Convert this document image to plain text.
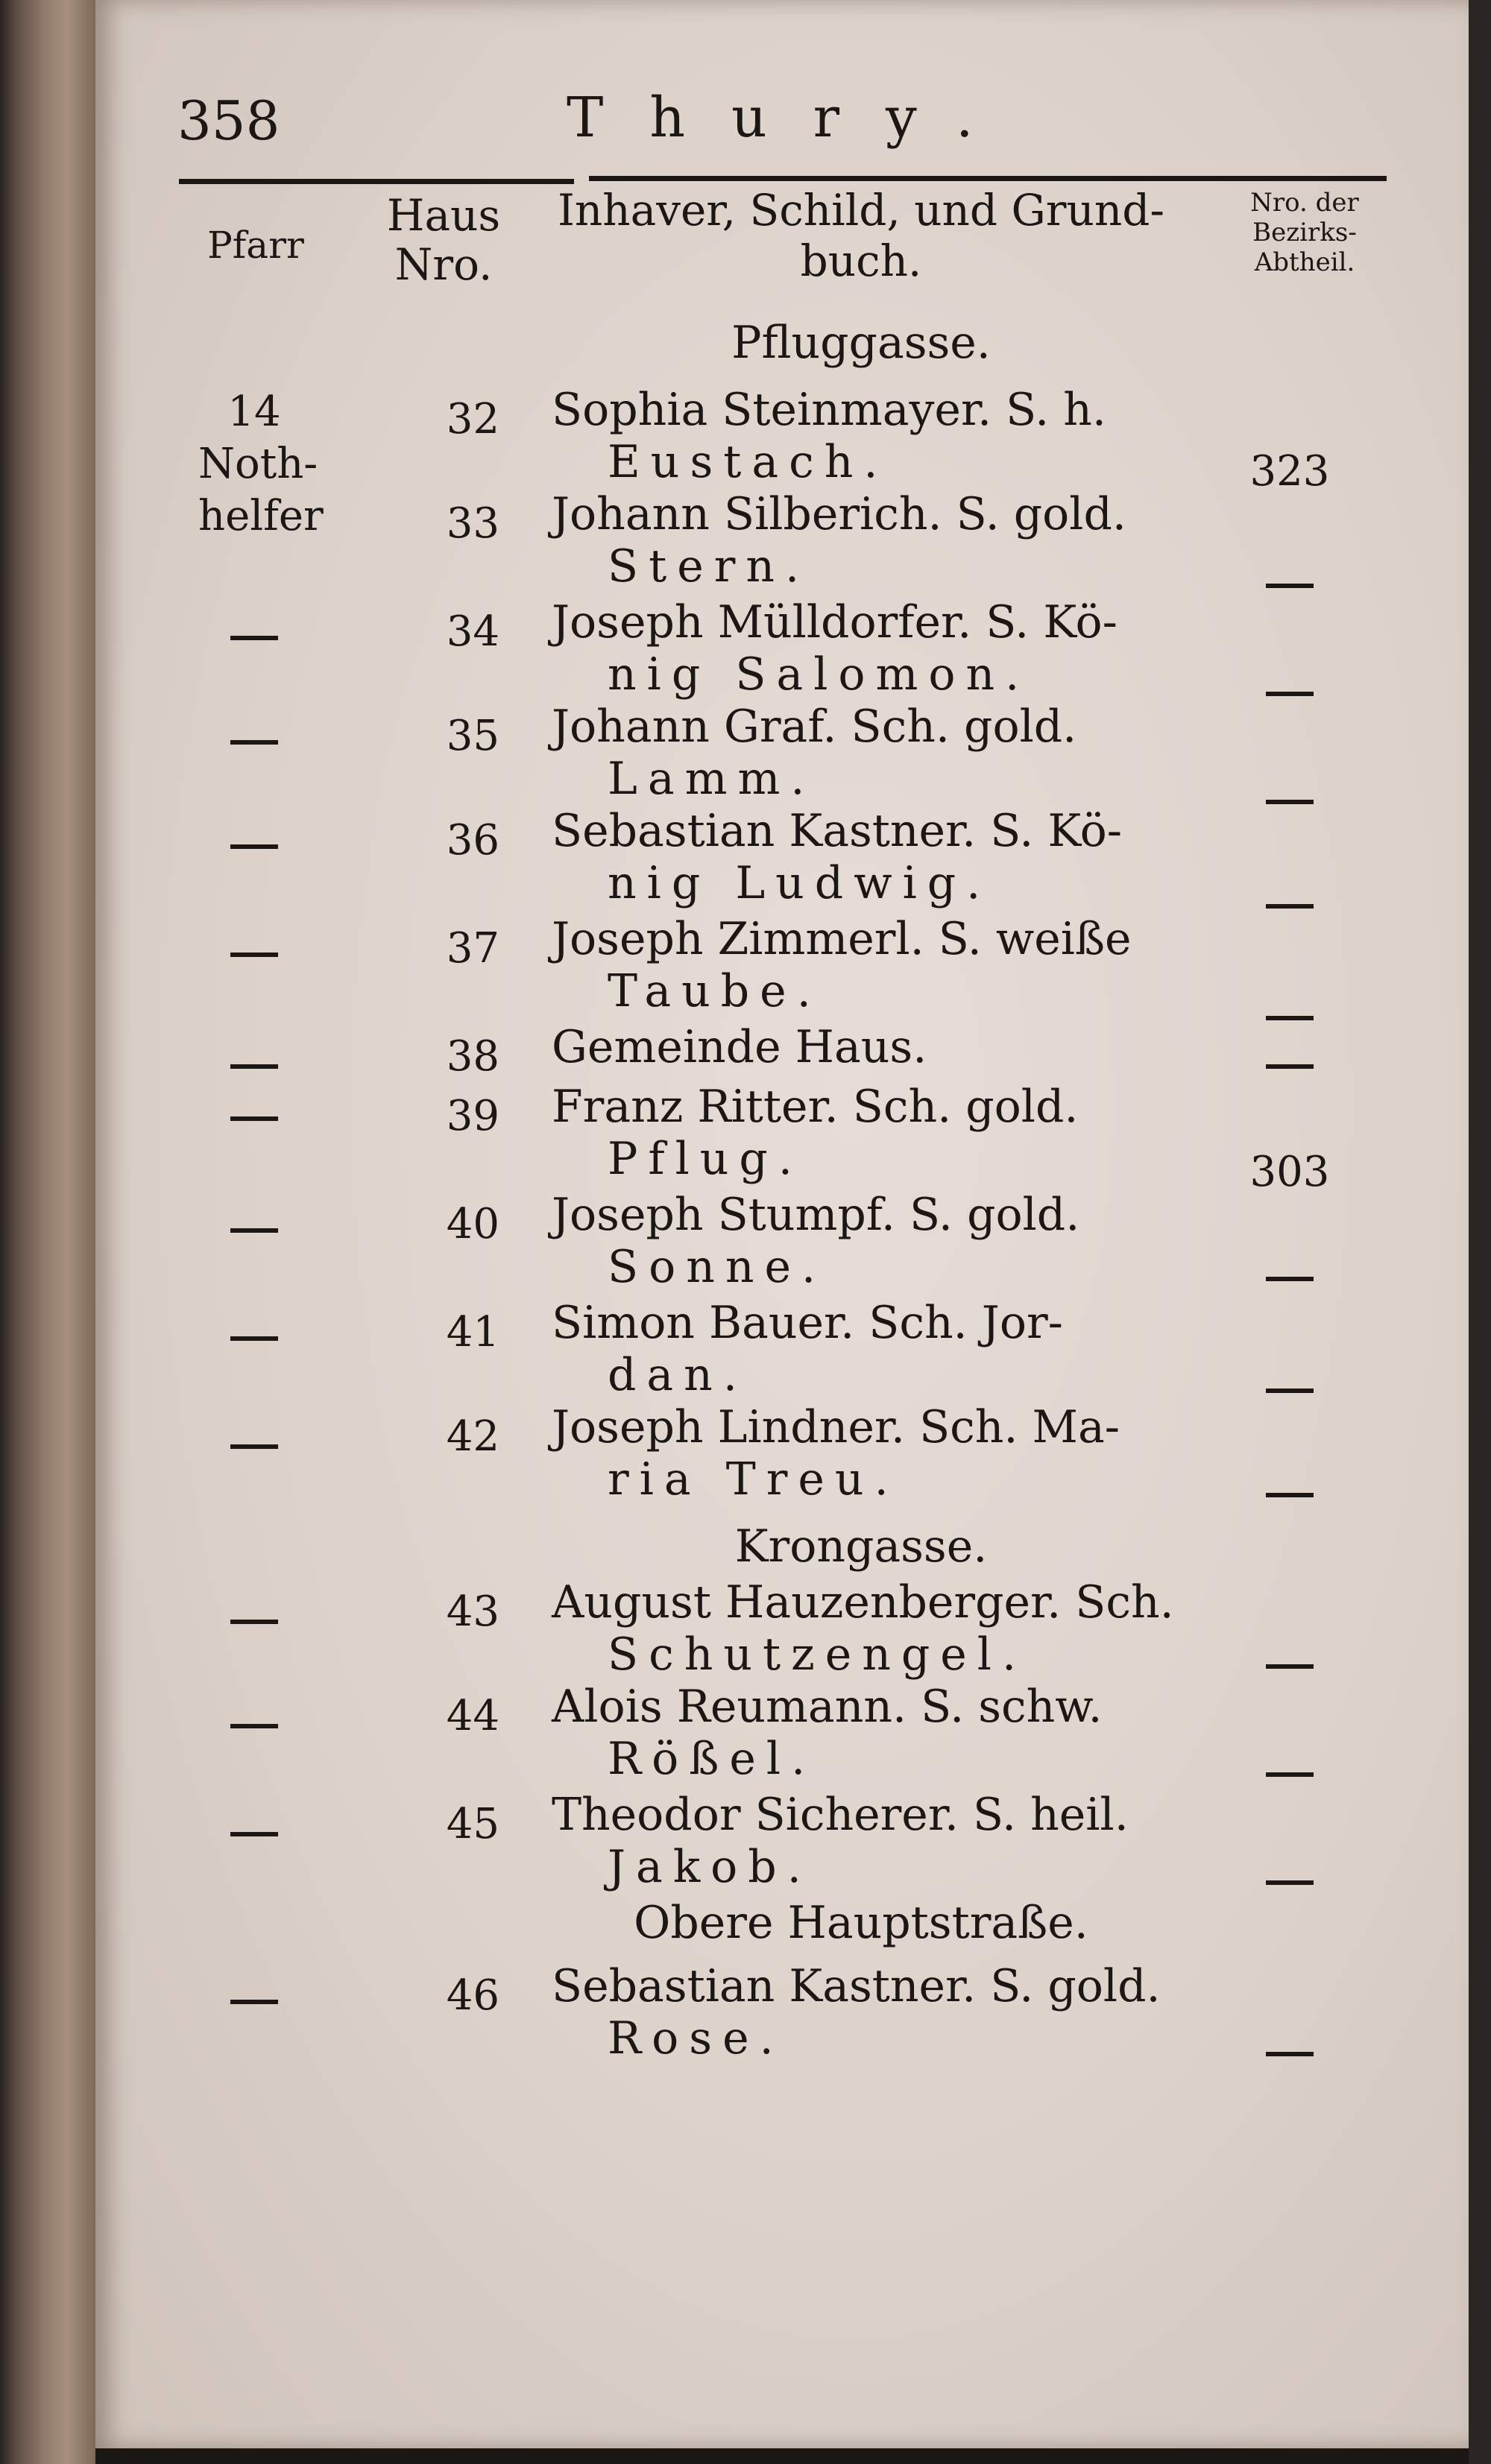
358	Thury.
Pfarr
Haus
Nro.
Inhaver, Schild, und Grund-
buch.
Nro. der
Bezirks-
Abtheil.
Pfluggasse.
Krongasse.
Obere Hauptstraße.
14
Noth-
helfer
32 Sophia Steinmayer. S. h.
Eustach.
33 Johann Silberich. S. gold.
Stern.
323
34 Joseph Mülldorfer. S. Kö-
nig Salomon.
35 Johann Graf. Sch. gold.
Lamm.
36 Sebastian Kastner. S. Kö-
nig Ludwig.
37 Joseph Zimmerl. S. weiße
Taube.
38 Gemeinde Haus.
39 Franz Ritter. Sch. gold.
Pflug.	303
40 Joseph Stumpf. S. gold.
Sonne.
41 Simon Bauer. Sch. Jor-
dan.
42 Joseph Lindner. Sch. Ma-
ria Treu.
43 August Hauzenberger. Sch.
Schutzengel.
44 Alois Reumann. S. schw.
Rößel.
45 Theodor Sicherer. S. heil.
Jakob.
46 Sebastian Kastner. S. gold.
Rose.
